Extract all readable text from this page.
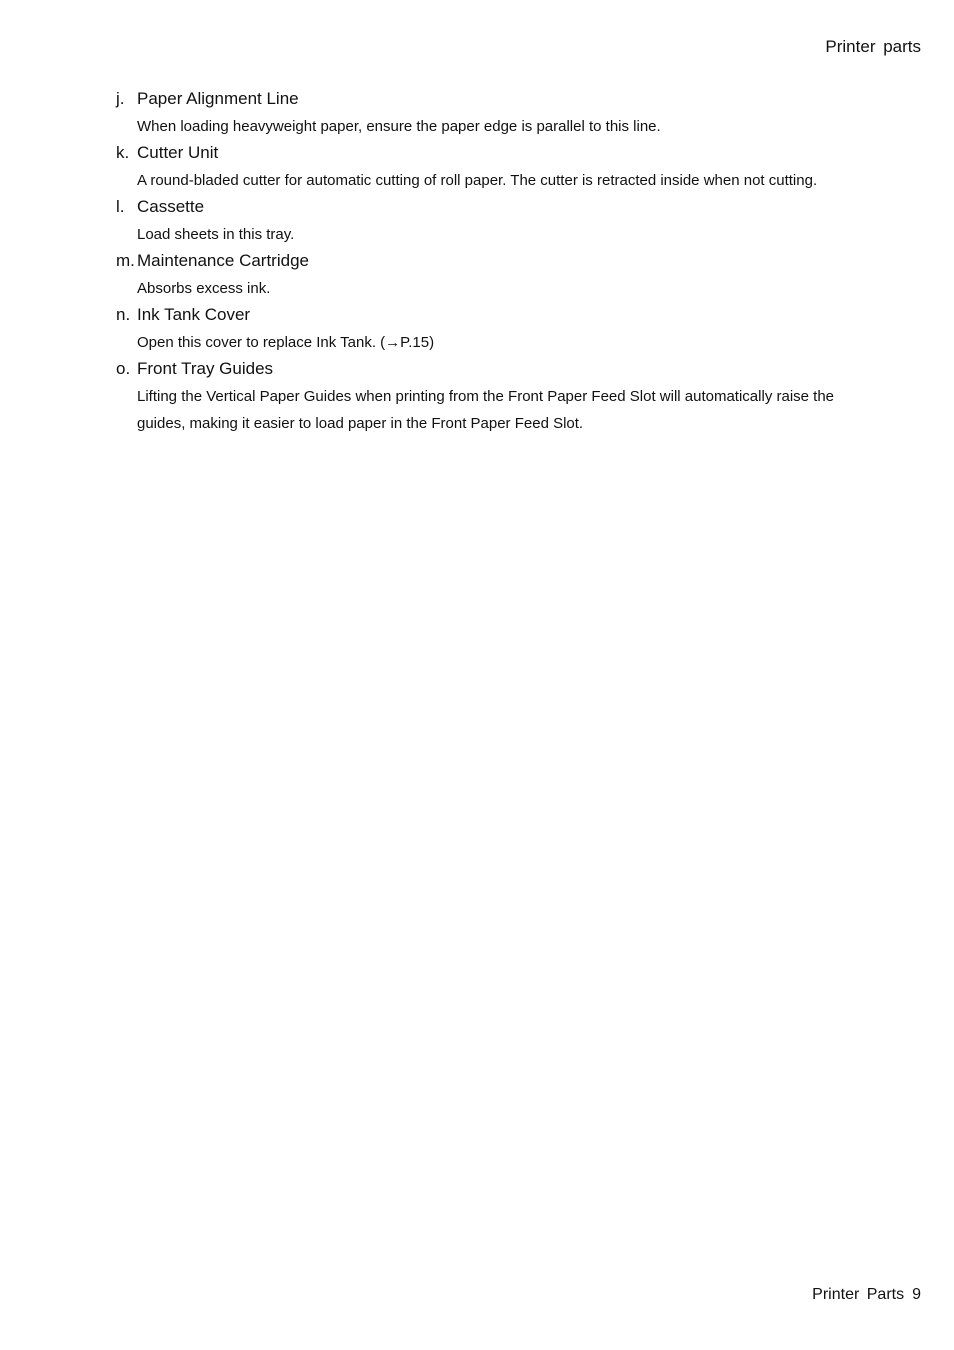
Printer parts
j. Paper Alignment Line

When loading heavyweight paper, ensure the paper edge is parallel to this line.

k. Cutter Unit

A round-bladed cutter for automatic cutting of roll paper. The cutter is retracted inside when not cutting.

l. Cassette

Load sheets in this tray.

m. Maintenance Cartridge

Absorbs excess ink.

n. Ink Tank Cover

Open this cover to replace Ink Tank. (→P.15)

o. Front Tray Guides

Lifting the Vertical Paper Guides when printing from the Front Paper Feed Slot will automatically raise the guides, making it easier to load paper in the Front Paper Feed Slot.

Printer Parts 9
